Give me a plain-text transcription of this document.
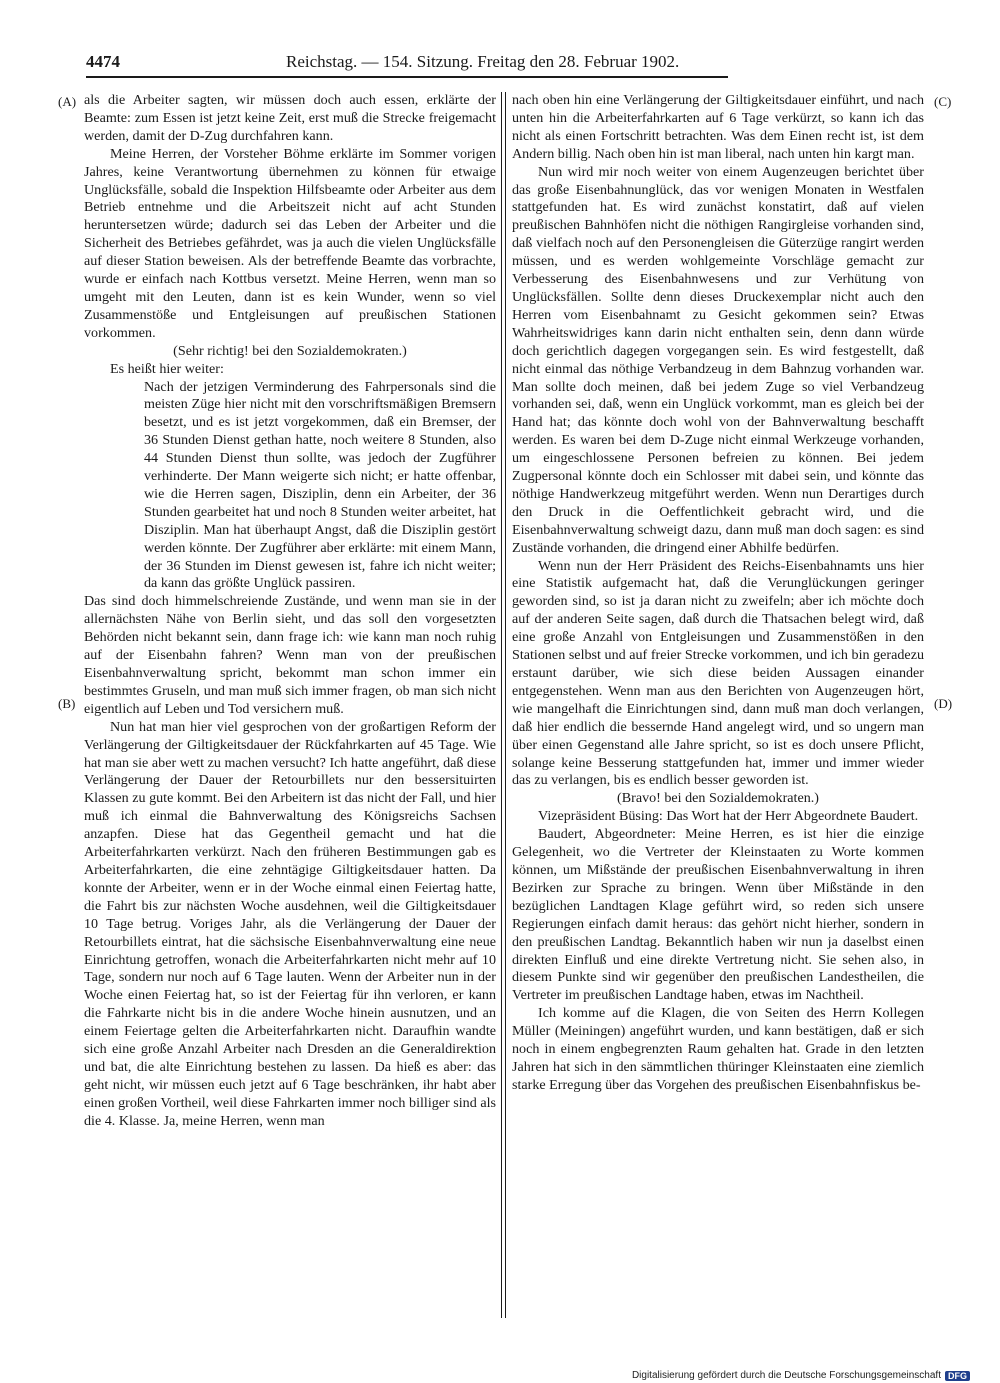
4474	Reichstag. — 154. Sitzung. Freitag den 28. Februar 1902.
(A)
(B)
(C)
(D)

als die Arbeiter sagten, wir müssen doch auch essen, erklärte der Beamte: zum Essen ist jetzt keine Zeit, erst muß die Strecke freigemacht werden, damit der D-Zug durchfahren kann.

Meine Herren, der Vorsteher Böhme erklärte im Sommer vorigen Jahres, keine Verantwortung übernehmen zu können für etwaige Unglücksfälle, sobald die Inspektion Hilfsbeamte oder Arbeiter aus dem Betrieb entnehme und die Arbeitszeit nicht auf acht Stunden heruntersetzen würde; dadurch sei das Leben der Arbeiter und die Sicherheit des Betriebes gefährdet, was ja auch die vielen Unglücksfälle auf dieser Station beweisen. Als der betreffende Beamte das vorbrachte, wurde er einfach nach Kottbus versetzt. Meine Herren, wenn man so umgeht mit den Leuten, dann ist es kein Wunder, wenn so viel Zusammenstöße und Entgleisungen auf preußischen Stationen vorkommen.

(Sehr richtig! bei den Sozialdemokraten.)

Es heißt hier weiter:

Nach der jetzigen Verminderung des Fahrpersonals sind die meisten Züge hier nicht mit den vorschriftsmäßigen Bremsern besetzt, und es ist jetzt vorgekommen, daß ein Bremser, der 36 Stunden Dienst gethan hatte, noch weitere 8 Stunden, also 44 Stunden Dienst thun sollte, was jedoch der Zugführer verhinderte. Der Mann weigerte sich nicht; er hatte offenbar, wie die Herren sagen, Disziplin, denn ein Arbeiter, der 36 Stunden gearbeitet hat und noch 8 Stunden weiter arbeitet, hat Disziplin. Man hat überhaupt Angst, daß die Disziplin gestört werden könnte. Der Zugführer aber erklärte: mit einem Mann, der 36 Stunden im Dienst gewesen ist, fahre ich nicht weiter; da kann das größte Unglück passiren.

Das sind doch himmelschreiende Zustände, und wenn man sie in der allernächsten Nähe von Berlin sieht, und das soll den vorgesetzten Behörden nicht bekannt sein, dann frage ich: wie kann man noch ruhig auf der Eisenbahn fahren? Wenn man von der preußischen Eisenbahnverwaltung spricht, bekommt man schon immer ein bestimmtes Gruseln, und man muß sich immer fragen, ob man sich nicht eigentlich auf Leben und Tod versichern muß.

Nun hat man hier viel gesprochen von der großartigen Reform der Verlängerung der Giltigkeitsdauer der Rückfahrkarten auf 45 Tage. Wie hat man sie aber wett zu machen versucht? Ich hatte angeführt, daß diese Verlängerung der Dauer der Retourbillets nur den bessersituirten Klassen zu gute kommt. Bei den Arbeitern ist das nicht der Fall, und hier muß ich einmal die Bahnverwaltung des Königsreichs Sachsen anzapfen. Diese hat das Gegentheil gemacht und hat die Arbeiterfahrkarten verkürzt. Nach den früheren Bestimmungen gab es Arbeiterfahrkarten, die eine zehntägige Giltigkeitsdauer hatten. Da konnte der Arbeiter, wenn er in der Woche einmal einen Feiertag hatte, die Fahrt bis zur nächsten Woche ausdehnen, weil die Giltigkeitsdauer 10 Tage betrug. Voriges Jahr, als die Verlängerung der Dauer der Retourbillets eintrat, hat die sächsische Eisenbahnverwaltung eine neue Einrichtung getroffen, wonach die Arbeiterfahrkarten nicht mehr auf 10 Tage, sondern nur noch auf 6 Tage lauten. Wenn der Arbeiter nun in der Woche einen Feiertag hat, so ist der Feiertag für ihn verloren, er kann die Fahrkarte nicht bis in die andere Woche hinein ausnutzen, und an einem Feiertage gelten die Arbeiterfahrkarten nicht. Daraufhin wandte sich eine große Anzahl Arbeiter nach Dresden an die Generaldirektion und bat, die alte Einrichtung bestehen zu lassen. Da hieß es aber: das geht nicht, wir müssen euch jetzt auf 6 Tage beschränken, ihr habt aber einen großen Vortheil, weil diese Fahrkarten immer noch billiger sind als die 4. Klasse. Ja, meine Herren, wenn man

nach oben hin eine Verlängerung der Giltigkeitsdauer einführt, und nach unten hin die Arbeiterfahrkarten auf 6 Tage verkürzt, so kann ich das nicht als einen Fortschritt betrachten. Was dem Einen recht ist, ist dem Andern billig. Nach oben hin ist man liberal, nach unten hin kargt man.

Nun wird mir noch weiter von einem Augenzeugen berichtet über das große Eisenbahnunglück, das vor wenigen Monaten in Westfalen stattgefunden hat. Es wird zunächst konstatirt, daß auf vielen preußischen Bahnhöfen nicht die nöthigen Rangirgleise vorhanden sind, daß vielfach noch auf den Personengleisen die Güterzüge rangirt werden müssen, und es werden wohlgemeinte Vorschläge gemacht zur Verbesserung des Eisenbahnwesens und zur Verhütung von Unglücksfällen. Sollte denn dieses Druckexemplar nicht auch den Herren vom Eisenbahnamt zu Gesicht gekommen sein? Etwas Wahrheitswidriges kann darin nicht enthalten sein, denn dann würde doch gerichtlich dagegen vorgegangen sein. Es wird festgestellt, daß nicht einmal das nöthige Verbandzeug in dem Bahnzug vorhanden war. Man sollte doch meinen, daß bei jedem Zuge so viel Verbandzeug vorhanden sei, daß, wenn ein Unglück vorkommt, man es gleich bei der Hand hat; das könnte doch wohl von der Bahnverwaltung beschafft werden. Es waren bei dem D-Zuge nicht einmal Werkzeuge vorhanden, um eingeschlossene Personen befreien zu können. Bei jedem Zugpersonal könnte doch ein Schlosser mit dabei sein, und könnte das nöthige Handwerkzeug mitgeführt werden. Wenn nun Derartiges durch den Druck in die Oeffentlichkeit gebracht wird, und die Eisenbahnverwaltung schweigt dazu, dann muß man doch sagen: es sind Zustände vorhanden, die dringend einer Abhilfe bedürfen.

Wenn nun der Herr Präsident des Reichs-Eisenbahnamts uns hier eine Statistik aufgemacht hat, daß die Verunglückungen geringer geworden sind, so ist ja daran nicht zu zweifeln; aber ich möchte doch auf der anderen Seite sagen, daß durch die Thatsachen belegt wird, daß eine große Anzahl von Entgleisungen und Zusammenstößen in den Stationen selbst und auf freier Strecke vorkommen, und ich bin geradezu erstaunt darüber, wie sich diese beiden Aussagen einander entgegenstehen. Wenn man aus den Berichten von Augenzeugen hört, wie mangelhaft die Einrichtungen sind, dann muß man doch verlangen, daß hier endlich die bessernde Hand angelegt wird, und so ungern man über einen Gegenstand alle Jahre spricht, so ist es doch unsere Pflicht, solange keine Besserung stattgefunden hat, immer und immer wieder das zu verlangen, bis es endlich besser geworden ist.

(Bravo! bei den Sozialdemokraten.)

Vizepräsident Büsing: Das Wort hat der Herr Abgeordnete Baudert.

Baudert, Abgeordneter: Meine Herren, es ist hier die einzige Gelegenheit, wo die Vertreter der Kleinstaaten zu Worte kommen können, um Mißstände der preußischen Eisenbahnverwaltung in ihren Bezirken zur Sprache zu bringen. Wenn über Mißstände in den bezüglichen Landtagen Klage geführt wird, so reden sich unsere Regierungen einfach damit heraus: das gehört nicht hierher, sondern in den preußischen Landtag. Bekanntlich haben wir nun ja daselbst einen direkten Einfluß und eine direkte Vertretung nicht. Sie sehen also, in diesem Punkte sind wir gegenüber den preußischen Landestheilen, die Vertreter im preußischen Landtage haben, etwas im Nachtheil.

Ich komme auf die Klagen, die von Seiten des Herrn Kollegen Müller (Meiningen) angeführt wurden, und kann bestätigen, daß er sich noch in einem engbegrenzten Raum gehalten hat. Grade in den letzten Jahren hat sich in den sämmtlichen thüringer Kleinstaaten eine ziemlich starke Erregung über das Vorgehen des preußischen Eisenbahnfiskus be-

Digitalisierung gefördert durch die Deutsche Forschungsgemeinschaft DFG
